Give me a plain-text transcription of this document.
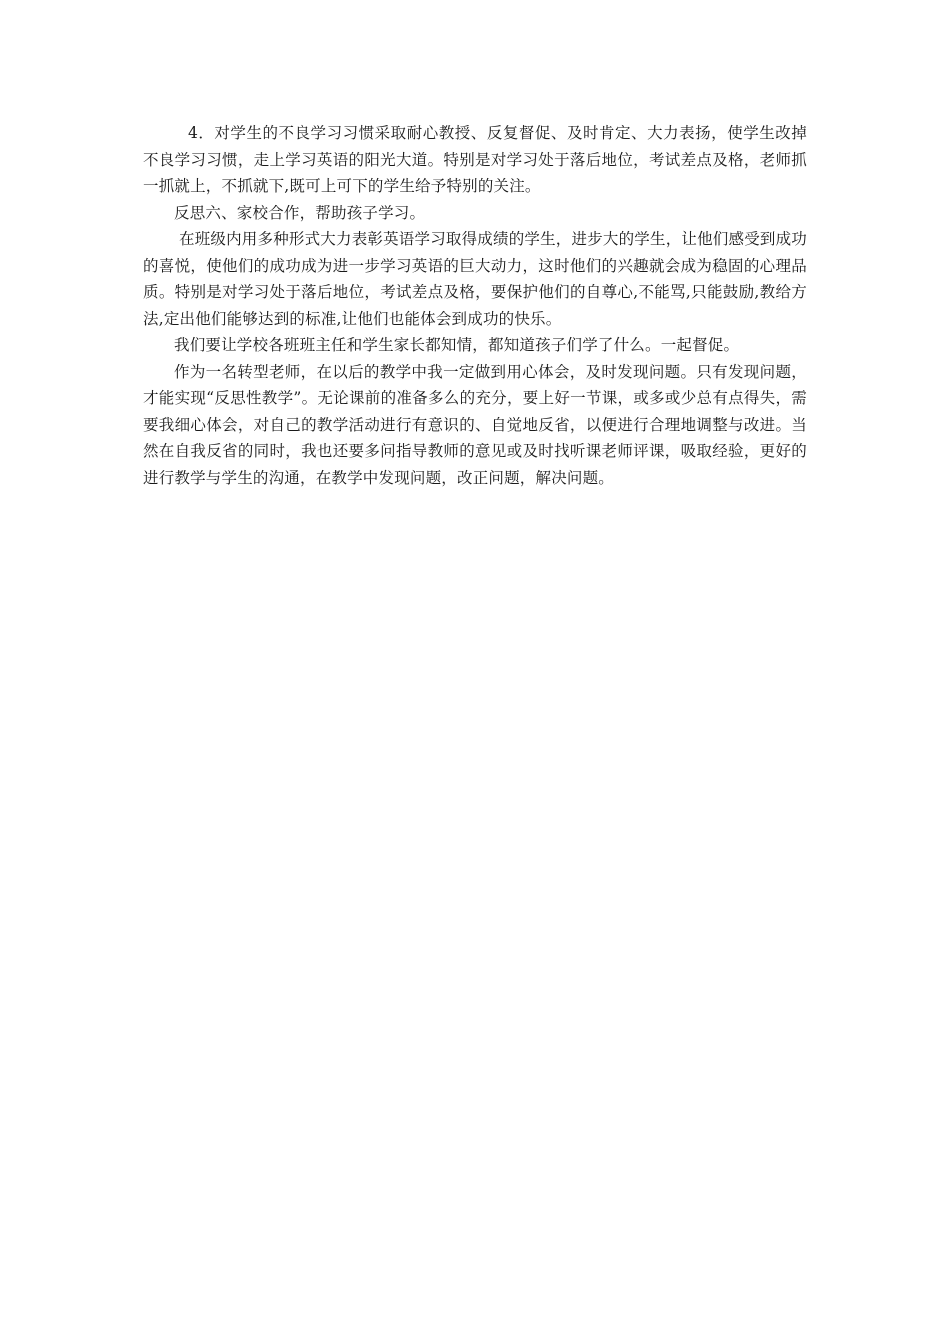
4．对学生的不良学习习惯采取耐心教授、反复督促、及时肯定、大力表扬，使学生改掉不良学习习惯，走上学习英语的阳光大道。特别是对学习处于落后地位，考试差点及格，老师抓一抓就上，不抓就下,既可上可下的学生给予特别的关注。

反思六、家校合作，帮助孩子学习。

在班级内用多种形式大力表彰英语学习取得成绩的学生，进步大的学生，让他们感受到成功的喜悦，使他们的成功成为进一步学习英语的巨大动力，这时他们的兴趣就会成为稳固的心理品质。特别是对学习处于落后地位，考试差点及格，要保护他们的自尊心,不能骂,只能鼓励,教给方法,定出他们能够达到的标准,让他们也能体会到成功的快乐。

我们要让学校各班班主任和学生家长都知情，都知道孩子们学了什么。一起督促。

作为一名转型老师，在以后的教学中我一定做到用心体会，及时发现问题。只有发现问题，才能实现“反思性教学”。无论课前的准备多么的充分，要上好一节课，或多或少总有点得失，需要我细心体会，对自己的教学活动进行有意识的、自觉地反省，以便进行合理地调整与改进。当然在自我反省的同时，我也还要多问指导教师的意见或及时找听课老师评课，吸取经验，更好的进行教学与学生的沟通，在教学中发现问题，改正问题，解决问题。
